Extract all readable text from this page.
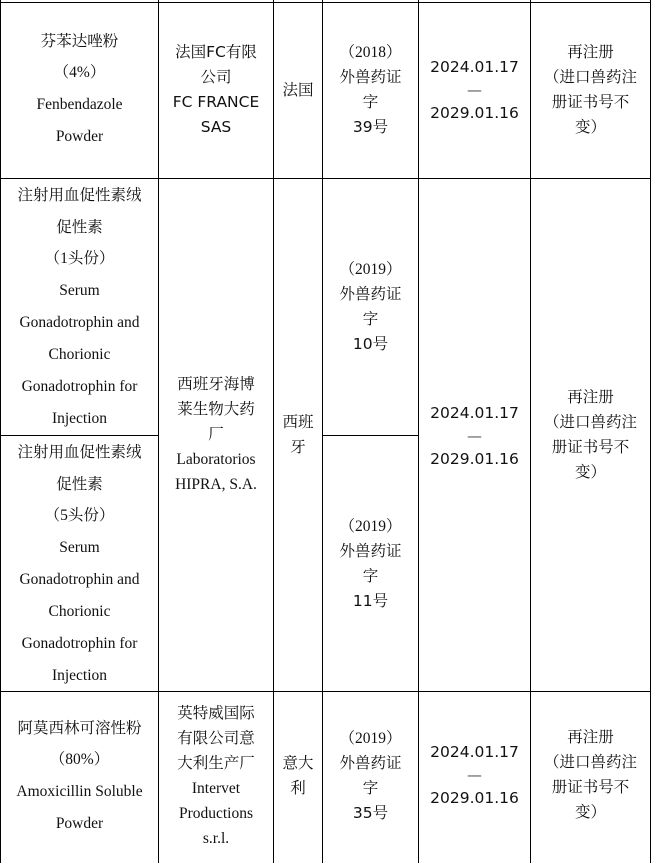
芬苯达唑粉
（4%）
Fenbendazole
Powder
法国FC有限
公司
FC FRANCE
SAS
法国
（2018）
外兽药证
字
39号
2024.01.17
—
2029.01.16
再注册
（进口兽药注
册证书号不
变）
注射用血促性素绒
促性素
（1头份）
Serum
Gonadotrophin and
Chorionic
Gonadotrophin for
Injection
注射用血促性素绒
促性素
（5头份）
Serum
Gonadotrophin and
Chorionic
Gonadotrophin for
Injection
西班牙海博
莱生物大药
厂
Laboratorios
HIPRA, S.A.
西班
牙
（2019）
外兽药证
字
10号
（2019）
外兽药证
字
11号
2024.01.17
—
2029.01.16
再注册
（进口兽药注
册证书号不
变）
阿莫西林可溶性粉
（80%）
Amoxicillin Soluble
Powder
英特威国际
有限公司意
大利生产厂
Intervet
Productions
s.r.l.
意大
利
（2019）
外兽药证
字
35号
2024.01.17
—
2029.01.16
再注册
（进口兽药注
册证书号不
变）
